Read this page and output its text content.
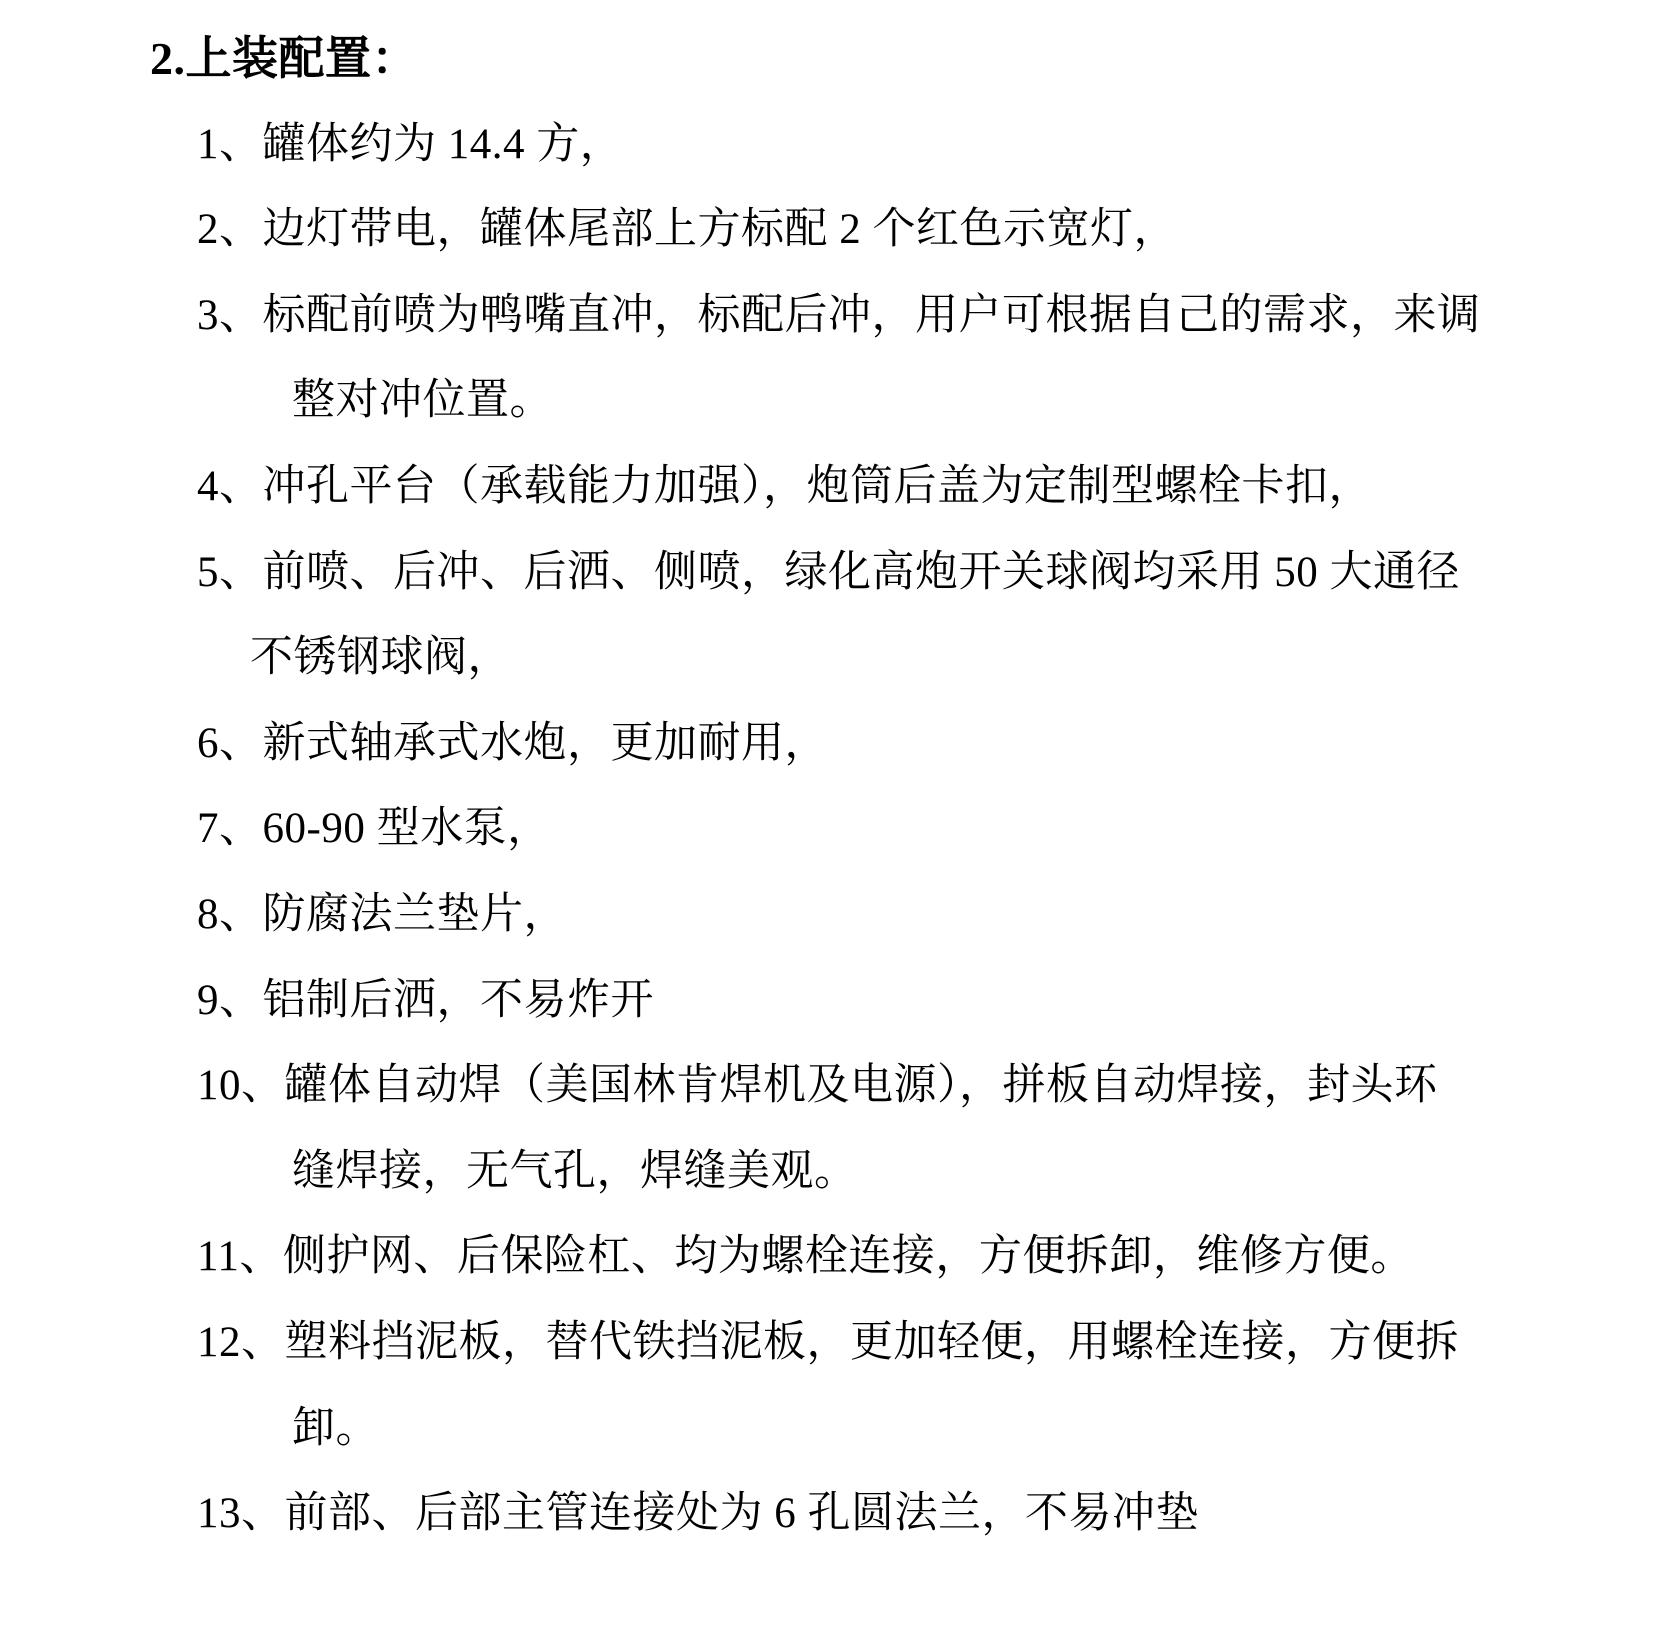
2.上装配置：
1、罐体约为 14.4 方，
2、边灯带电，罐体尾部上方标配 2 个红色示宽灯，
3、标配前喷为鸭嘴直冲，标配后冲，用户可根据自己的需求，来调
整对冲位置。
4、冲孔平台（承载能力加强），炮筒后盖为定制型螺栓卡扣，
5、前喷、后冲、后洒、侧喷，绿化高炮开关球阀均采用 50 大通径
不锈钢球阀，
6、新式轴承式水炮，更加耐用，
7、60-90 型水泵，
8、防腐法兰垫片，
9、铝制后洒，不易炸开
10、罐体自动焊（美国林肯焊机及电源），拼板自动焊接，封头环
缝焊接，无气孔，焊缝美观。
11、侧护网、后保险杠、均为螺栓连接，方便拆卸，维修方便。
12、塑料挡泥板，替代铁挡泥板，更加轻便，用螺栓连接，方便拆
卸。
13、前部、后部主管连接处为 6 孔圆法兰，不易冲垫
